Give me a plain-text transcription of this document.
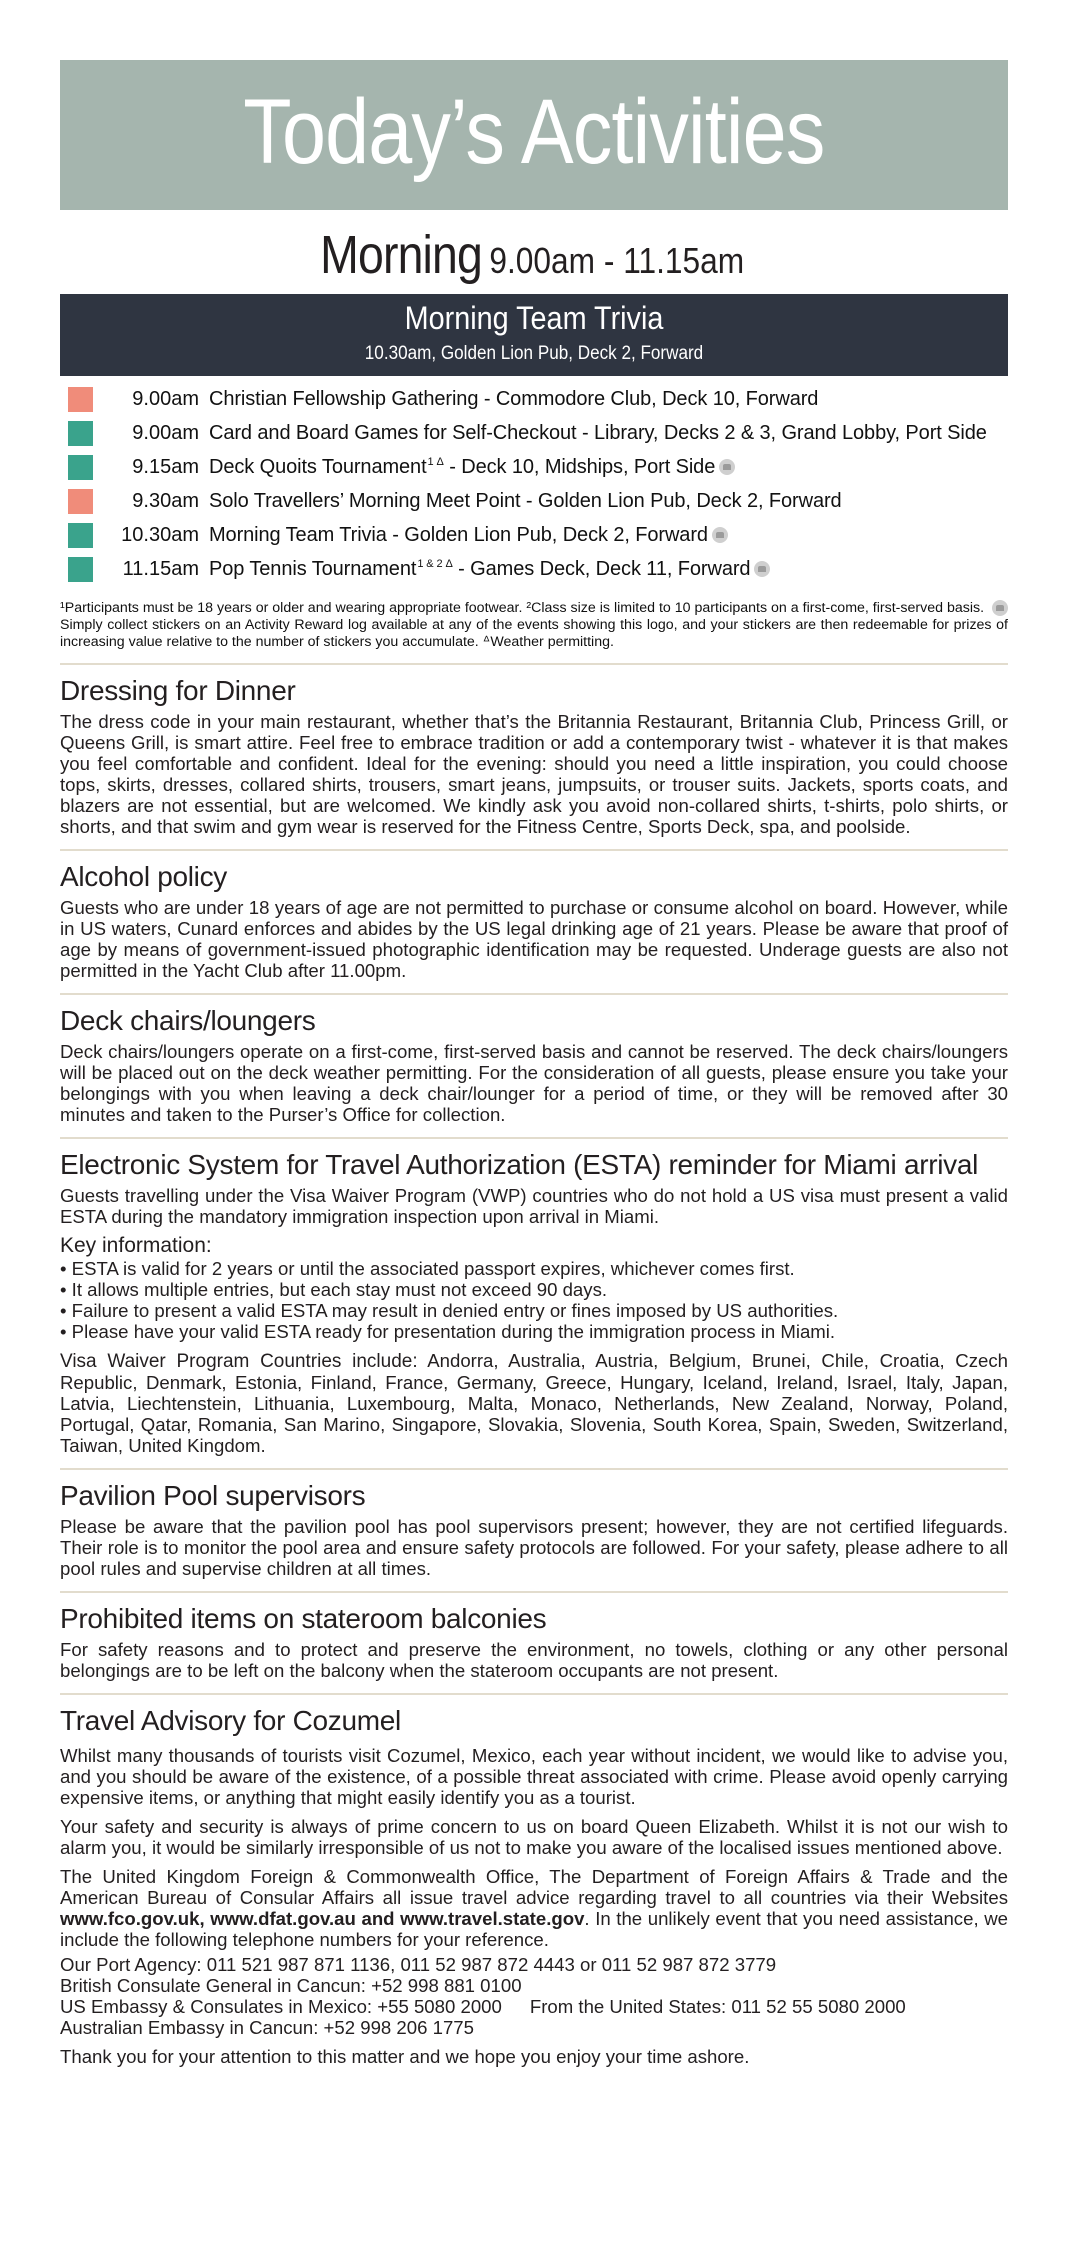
Today’s Activities
Morning 9.00am - 11.15am
Morning Team Trivia
10.30am, Golden Lion Pub, Deck 2, Forward
9.00am Christian Fellowship Gathering - Commodore Club, Deck 10, Forward
9.00am Card and Board Games for Self-Checkout - Library, Decks 2 & 3, Grand Lobby, Port Side
9.15am Deck Quoits Tournament$^{1 \Delta}$ - Deck 10, Midships, Port Side
9.30am Solo Travellers’ Morning Meet Point - Golden Lion Pub, Deck 2, Forward
10.30am Morning Team Trivia - Golden Lion Pub, Deck 2, Forward
11.15am Pop Tennis Tournament$^{1 \& 2 \Delta}$ - Games Deck, Deck 11, Forward
¹Participants must be 18 years or older and wearing appropriate footwear. ²Class size is limited to 10 participants on a first-come, first-served basis.  Simply collect stickers on an Activity Reward log available at any of the events showing this logo, and your stickers are then redeemable for prizes of increasing value relative to the number of stickers you accumulate. ᐞWeather permitting.
Dressing for Dinner

The dress code in your main restaurant, whether that’s the Britannia Restaurant, Britannia Club, Princess Grill, or Queens Grill, is smart attire. Feel free to embrace tradition or add a contemporary twist - whatever it is that makes you feel comfortable and confident. Ideal for the evening: should you need a little inspiration, you could choose tops, skirts, dresses, collared shirts, trousers, smart jeans, jumpsuits, or trouser suits. Jackets, sports coats, and blazers are not essential, but are welcomed. We kindly ask you avoid non-collared shirts, t-shirts, polo shirts, or shorts, and that swim and gym wear is reserved for the Fitness Centre, Sports Deck, spa, and poolside.

Alcohol policy

Guests who are under 18 years of age are not permitted to purchase or consume alcohol on board. However, while in US waters, Cunard enforces and abides by the US legal drinking age of 21 years. Please be aware that proof of age by means of government-issued photographic identification may be requested. Underage guests are also not permitted in the Yacht Club after 11.00pm.

Deck chairs/loungers

Deck chairs/loungers operate on a first-come, first-served basis and cannot be reserved. The deck chairs/loungers will be placed out on the deck weather permitting. For the consideration of all guests, please ensure you take your belongings with you when leaving a deck chair/lounger for a period of time, or they will be removed after 30 minutes and taken to the Purser’s Office for collection.

Electronic System for Travel Authorization (ESTA) reminder for Miami arrival

Guests travelling under the Visa Waiver Program (VWP) countries who do not hold a US visa must present a valid ESTA during the mandatory immigration inspection upon arrival in Miami.

Key information:

• ESTA is valid for 2 years or until the associated passport expires, whichever comes first.
• It allows multiple entries, but each stay must not exceed 90 days.
• Failure to present a valid ESTA may result in denied entry or fines imposed by US authorities.
• Please have your valid ESTA ready for presentation during the immigration process in Miami.

Visa Waiver Program Countries include: Andorra, Australia, Austria, Belgium, Brunei, Chile, Croatia, Czech Republic, Denmark, Estonia, Finland, France, Germany, Greece, Hungary, Iceland, Ireland, Israel, Italy, Japan, Latvia, Liechtenstein, Lithuania, Luxembourg, Malta, Monaco, Netherlands, New Zealand, Norway, Poland, Portugal, Qatar, Romania, San Marino, Singapore, Slovakia, Slovenia, South Korea, Spain, Sweden, Switzerland, Taiwan, United Kingdom.

Pavilion Pool supervisors

Please be aware that the pavilion pool has pool supervisors present; however, they are not certified lifeguards. Their role is to monitor the pool area and ensure safety protocols are followed. For your safety, please adhere to all pool rules and supervise children at all times.

Prohibited items on stateroom balconies

For safety reasons and to protect and preserve the environment, no towels, clothing or any other personal belongings are to be left on the balcony when the stateroom occupants are not present.

Travel Advisory for Cozumel

Whilst many thousands of tourists visit Cozumel, Mexico, each year without incident, we would like to advise you, and you should be aware of the existence, of a possible threat associated with crime. Please avoid openly carrying expensive items, or anything that might easily identify you as a tourist.

Your safety and security is always of prime concern to us on board Queen Elizabeth. Whilst it is not our wish to alarm you, it would be similarly irresponsible of us not to make you aware of the localised issues mentioned above.

The United Kingdom Foreign & Commonwealth Office, The Department of Foreign Affairs & Trade and the American Bureau of Consular Affairs all issue travel advice regarding travel to all countries via their Websites www.fco.gov.uk, www.dfat.gov.au and www.travel.state.gov. In the unlikely event that you need assistance, we include the following telephone numbers for your reference.

Our Port Agency: 011 521 987 871 1136, 011 52 987 872 4443 or 011 52 987 872 3779

British Consulate General in Cancun: +52 998 881 0100

US Embassy & Consulates in Mexico: +55 5080 2000 From the United States: 011 52 55 5080 2000

Australian Embassy in Cancun: +52 998 206 1775

Thank you for your attention to this matter and we hope you enjoy your time ashore.
